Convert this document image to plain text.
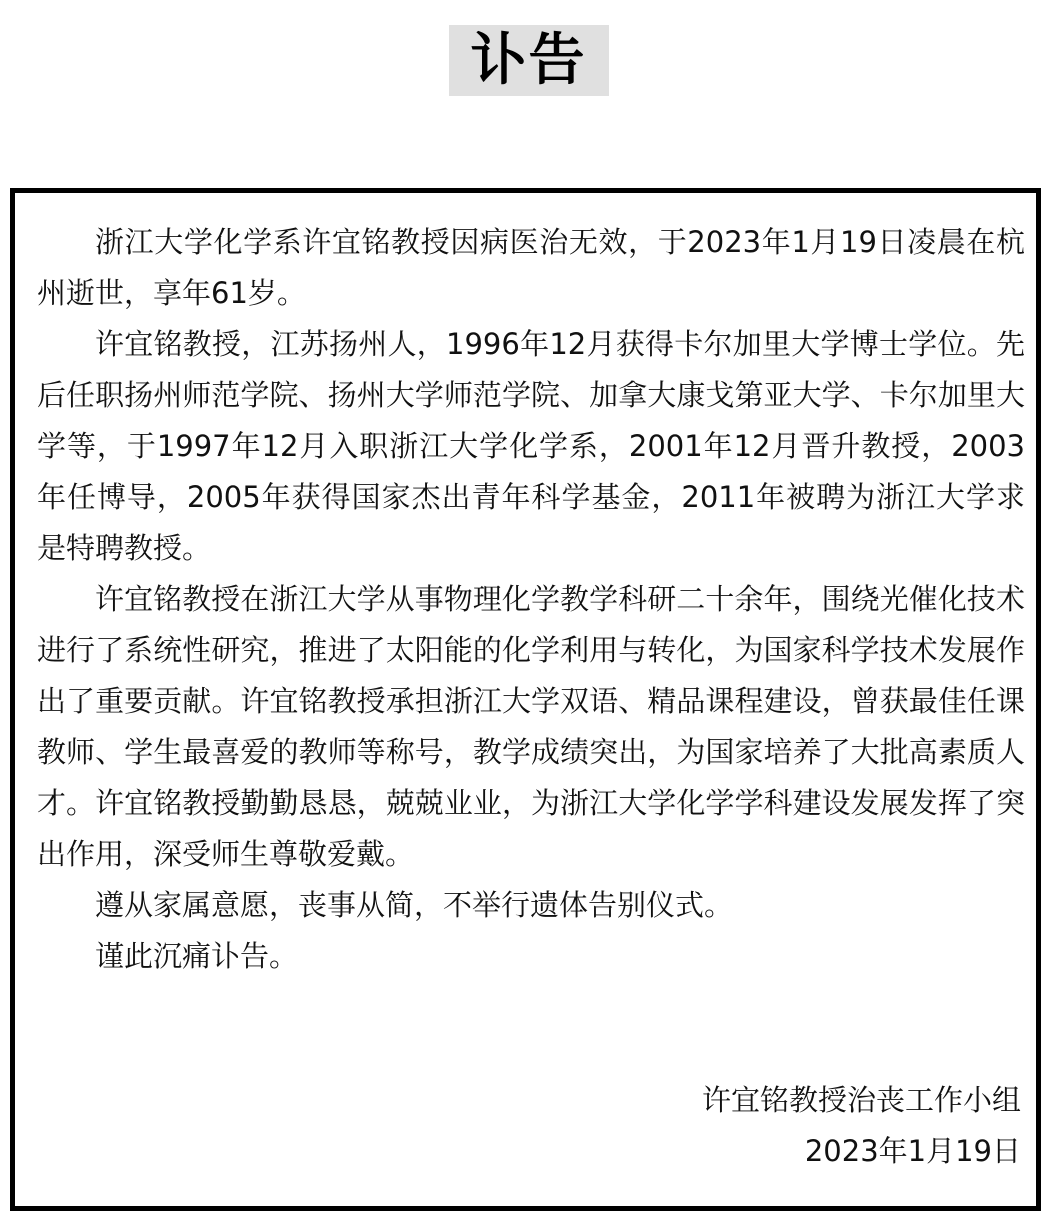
讣告

浙江大学化学系许宜铭教授因病医治无效，于2023年1月19日凌晨在杭州逝世，享年61岁。

许宜铭教授，江苏扬州人，1996年12月获得卡尔加里大学博士学位。先后任职扬州师范学院、扬州大学师范学院、加拿大康戈第亚大学、卡尔加里大学等，于1997年12月入职浙江大学化学系，2001年12月晋升教授，2003年任博导，2005年获得国家杰出青年科学基金，2011年被聘为浙江大学求是特聘教授。

许宜铭教授在浙江大学从事物理化学教学科研二十余年，围绕光催化技术进行了系统性研究，推进了太阳能的化学利用与转化，为国家科学技术发展作出了重要贡献。许宜铭教授承担浙江大学双语、精品课程建设，曾获最佳任课教师、学生最喜爱的教师等称号，教学成绩突出，为国家培养了大批高素质人才。许宜铭教授勤勤恳恳，兢兢业业，为浙江大学化学学科建设发展发挥了突出作用，深受师生尊敬爱戴。

遵从家属意愿，丧事从简，不举行遗体告别仪式。

谨此沉痛讣告。

许宜铭教授治丧工作小组
2023年1月19日
